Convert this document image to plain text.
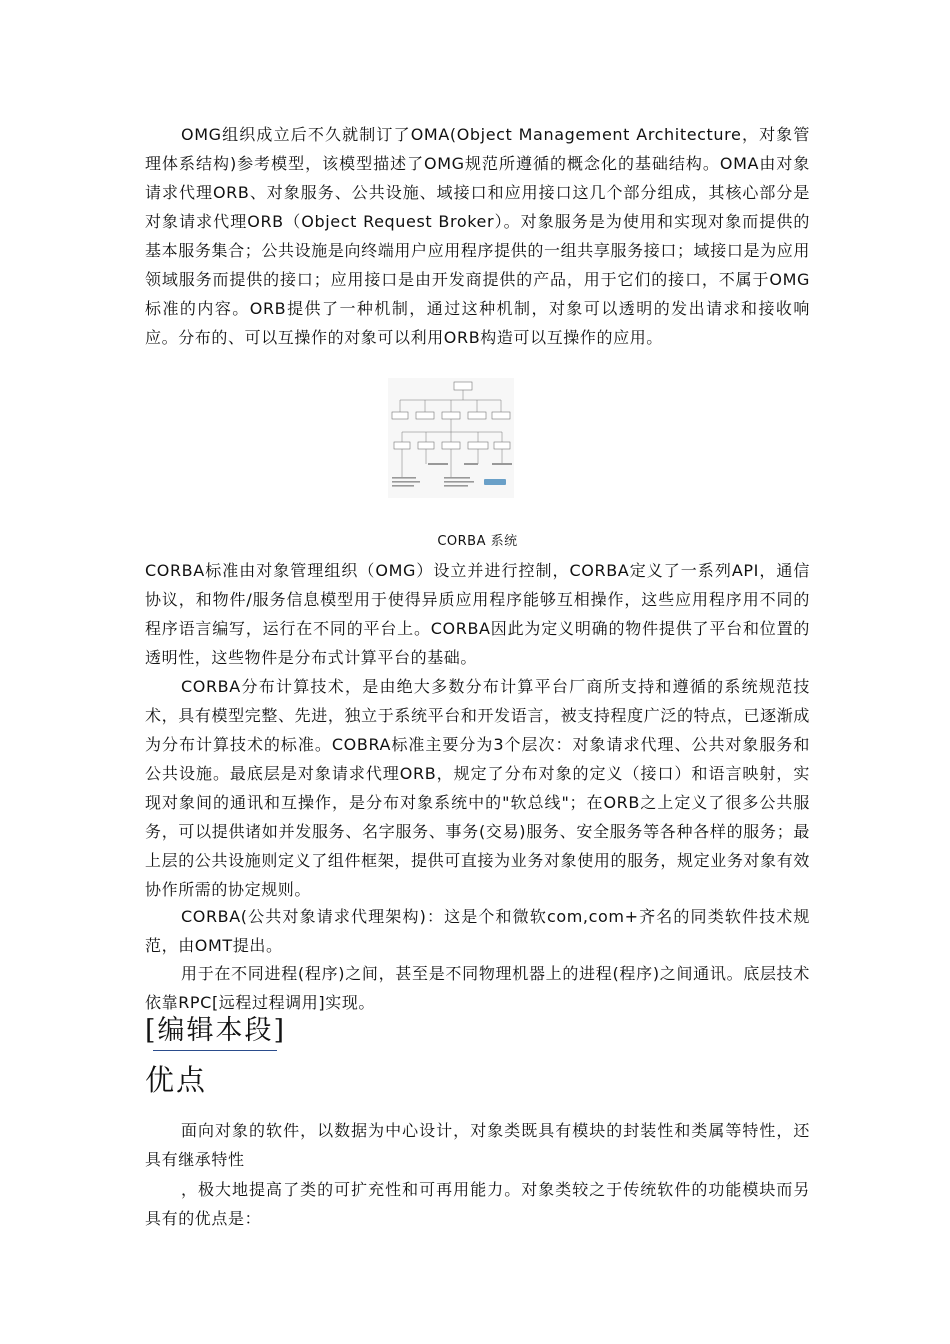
OMG组织成立后不久就制订了OMA(Object Management Architecture，对象管理体系结构)参考模型，该模型描述了OMG规范所遵循的概念化的基础结构。OMA由对象请求代理ORB、对象服务、公共设施、域接口和应用接口这几个部分组成，其核心部分是对象请求代理ORB（Object Request Broker）。对象服务是为使用和实现对象而提供的基本服务集合；公共设施是向终端用户应用程序提供的一组共享服务接口；域接口是为应用领域服务而提供的接口；应用接口是由开发商提供的产品，用于它们的接口，不属于OMG标准的内容。ORB提供了一种机制，通过这种机制，对象可以透明的发出请求和接收响应。分布的、可以互操作的对象可以利用ORB构造可以互操作的应用。

CORBA 系统

CORBA标准由对象管理组织（OMG）设立并进行控制，CORBA定义了一系列API，通信协议，和物件/服务信息模型用于使得异质应用程序能够互相操作，这些应用程序用不同的程序语言编写，运行在不同的平台上。CORBA因此为定义明确的物件提供了平台和位置的透明性，这些物件是分布式计算平台的基础。

CORBA分布计算技术，是由绝大多数分布计算平台厂商所支持和遵循的系统规范技术，具有模型完整、先进，独立于系统平台和开发语言，被支持程度广泛的特点，已逐渐成为分布计算技术的标准。COBRA标准主要分为3个层次：对象请求代理、公共对象服务和公共设施。最底层是对象请求代理ORB，规定了分布对象的定义（接口）和语言映射，实现对象间的通讯和互操作，是分布对象系统中的"软总线"；在ORB之上定义了很多公共服务，可以提供诸如并发服务、名字服务、事务(交易)服务、安全服务等各种各样的服务；最上层的公共设施则定义了组件框架，提供可直接为业务对象使用的服务，规定业务对象有效协作所需的协定规则。

CORBA(公共对象请求代理架构)：这是个和微软com,com+齐名的同类软件技术规范，由OMT提出。

用于在不同进程(程序)之间，甚至是不同物理机器上的进程(程序)之间通讯。底层技术依靠RPC[远程过程调用]实现。

[编辑本段]
优点

面向对象的软件，以数据为中心设计，对象类既具有模块的封装性和类属等特性，还具有继承特性

，极大地提高了类的可扩充性和可再用能力。对象类较之于传统软件的功能模块而另具有的优点是：
